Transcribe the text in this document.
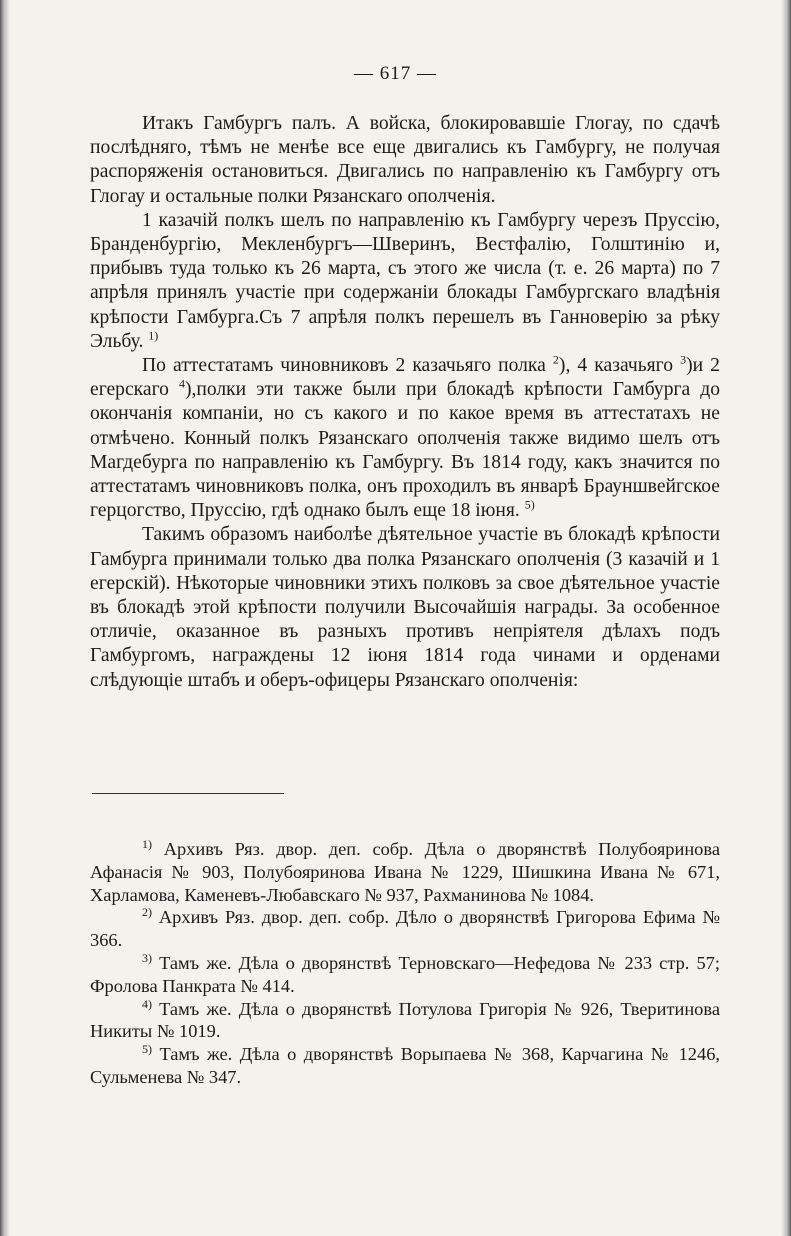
— 617 —

Итакъ Гамбургъ палъ. А войска, блокировавшіе Глогау, по сдачѣ послѣдняго, тѣмъ не менѣе все еще двигались къ Гамбургу, не получая распоряженія остановиться. Двигались по направленію къ Гамбургу отъ Глогау и остальные полки Рязанскаго ополченія.

1 казачій полкъ шелъ по направленію къ Гамбургу черезъ Пруссію, Бранденбургію, Мекленбургъ—Шверинъ, Вестфалію, Голштинію и, прибывъ туда только къ 26 марта, съ этого же числа (т. е. 26 марта) по 7 апрѣля принялъ участіе при содержаніи блокады Гамбургскаго владѣнія крѣпости Гамбурга.Съ 7 апрѣля полкъ перешелъ въ Ганноверію за рѣку Эльбу. $^{1)}$

По аттестатамъ чиновниковъ 2 казачьяго полка $^2$), 4 казачьяго $^3$)и 2 егерскаго $^4$),полки эти также были при блокадѣ крѣпости Гамбурга до окончанія компаніи, но съ какого и по какое время въ аттестатахъ не отмѣчено. Конный полкъ Рязанскаго ополченія также видимо шелъ отъ Магдебурга по направленію къ Гамбургу. Въ 1814 году, какъ значится по аттестатамъ чиновниковъ полка, онъ проходилъ въ январѣ Брауншвейгское герцогство, Пруссію, гдѣ однако былъ еще 18 іюня. $^{5)}$

Такимъ образомъ наиболѣе дѣятельное участіе въ блокадѣ крѣпости Гамбурга принимали только два полка Рязанскаго ополченія (3 казачій и 1 егерскій). Нѣкоторые чиновники этихъ полковъ за свое дѣятельное участіе въ блокадѣ этой крѣпости получили Высочайшія награды. За особенное отличіе, оказанное въ разныхъ противъ непріятеля дѣлахъ подъ Гамбургомъ, награждены 12 іюня 1814 года чинами и орденами слѣдующіе штабъ и оберъ-офицеры Рязанскаго ополченія:

$^{1)}$ Архивъ Ряз. двор. деп. собр. Дѣла о дворянствѣ Полубояринова Афанасія № 903, Полубояринова Ивана № 1229, Шишкина Ивана № 671, Харламова, Каменевъ-Любавскаго № 937, Рахманинова № 1084.

$^{2)}$ Архивъ Ряз. двор. деп. собр. Дѣло о дворянствѣ Григорова Ефима № 366.

$^{3)}$ Тамъ же. Дѣла о дворянствѣ Терновскаго—Нефедова № 233 стр. 57; Фролова Панкрата № 414.

$^{4)}$ Тамъ же. Дѣла о дворянствѣ Потулова Григорія № 926, Тверитинова Никиты № 1019.

$^{5)}$ Тамъ же. Дѣла о дворянствѣ Ворыпаева № 368, Карчагина № 1246, Сульменева № 347.
